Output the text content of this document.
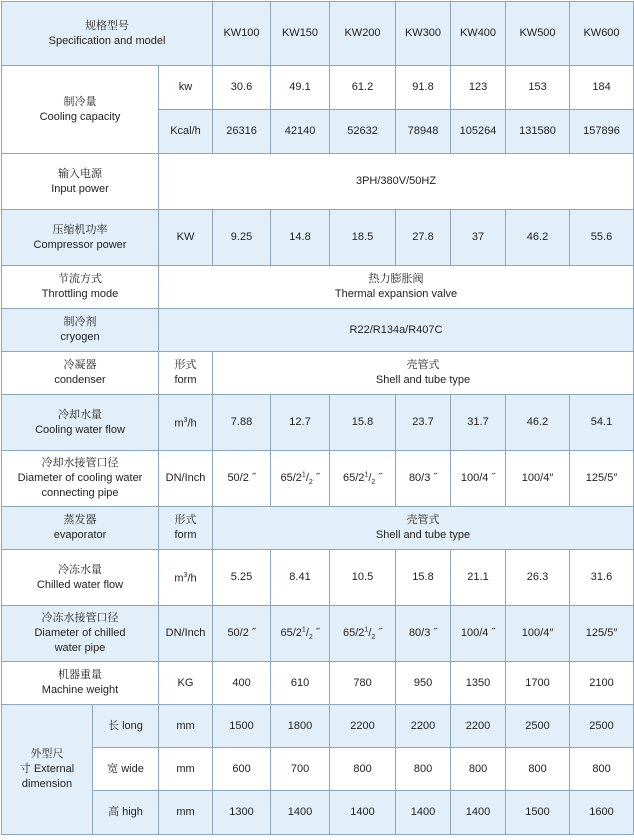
规格型号
Specification and model			KW100	KW150	KW200	KW300	KW400	KW500	KW600

制冷量
Cooling capacity		kw	30.6	49.1	61.2	91.8	123	153	184
		Kcal/h	26316	42140	52632	78948	105264	131580	157896

输入电源
Input power		3PH/380V/50HZ							

压缩机功率
Compressor power		KW	9.25	14.8	18.5	27.8	37	46.2	55.6

节流方式
Throttling mode		热力膨胀阀
Thermal expansion valve							

制冷剂
cryogen		R22/R134a/R407C							

冷凝器
condenser		形式
form	壳管式
Shell and tube type						

冷却水量
Cooling water flow		$m^3/h$	7.88	12.7	15.8	23.7	31.7	46.2	54.1

冷却水接管口径
Diameter of cooling water
connecting pipe		DN/Inch	50/2 ˝	$65/2^1/_2$ ˝	$65/2^1/_2$ ˝	80/3 ˝	100/4 ˝	100/4″	125/5″

蒸发器
evaporator		形式
form	壳管式
Shell and tube type						

冷冻水量
Chilled water flow		$m^3/h$	5.25	8.41	10.5	15.8	21.1	26.3	31.6

冷冻水接管口径
Diameter of chilled
water pipe		DN/Inch	50/2 ˝	$65/2^1/_2$ ˝	$65/2^1/_2$ ˝	80/3 ˝	100/4 ˝	100/4″	125/5″

机器重量
Machine weight		KG	400	610	780	950	1350	1700	2100

外型尺
寸 External
dimension	长 long	mm	1500	1800	2200	2200	2200	2500	2500
	宽 wide	mm	600	700	800	800	800	800	800
	高 high	mm	1300	1400	1400	1400	1400	1500	1600
